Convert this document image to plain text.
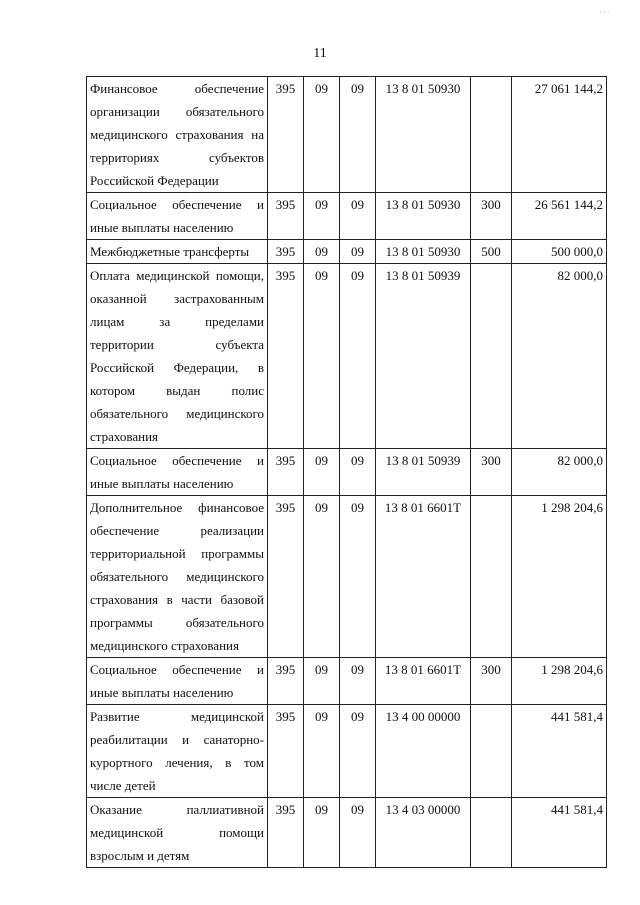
· · ·
11
Финансовое обеспечение организации обязательного медицинского страхования на территориях субъектов Российской Федерации	395	09	09	13 8 01 50930		27 061 144,2
Социальное обеспечение и иные выплаты населению	395	09	09	13 8 01 50930	300	26 561 144,2
Межбюджетные трансферты	395	09	09	13 8 01 50930	500	500 000,0
Оплата медицинской помощи, оказанной застрахованным лицам за пределами территории субъекта Российской Федерации, в котором выдан полис обязательного медицинского страхования	395	09	09	13 8 01 50939		82 000,0
Социальное обеспечение и иные выплаты населению	395	09	09	13 8 01 50939	300	82 000,0
Дополнительное финансовое обеспечение реализации территориальной программы обязательного медицинского страхования в части базовой программы обязательного медицинского страхования	395	09	09	13 8 01 6601Т		1 298 204,6
Социальное обеспечение и иные выплаты населению	395	09	09	13 8 01 6601Т	300	1 298 204,6
Развитие медицинской реабилитации и санаторно-курортного лечения, в том числе детей	395	09	09	13 4 00 00000		441 581,4
Оказание паллиативной медицинской помощи взрослым и детям	395	09	09	13 4 03 00000		441 581,4
